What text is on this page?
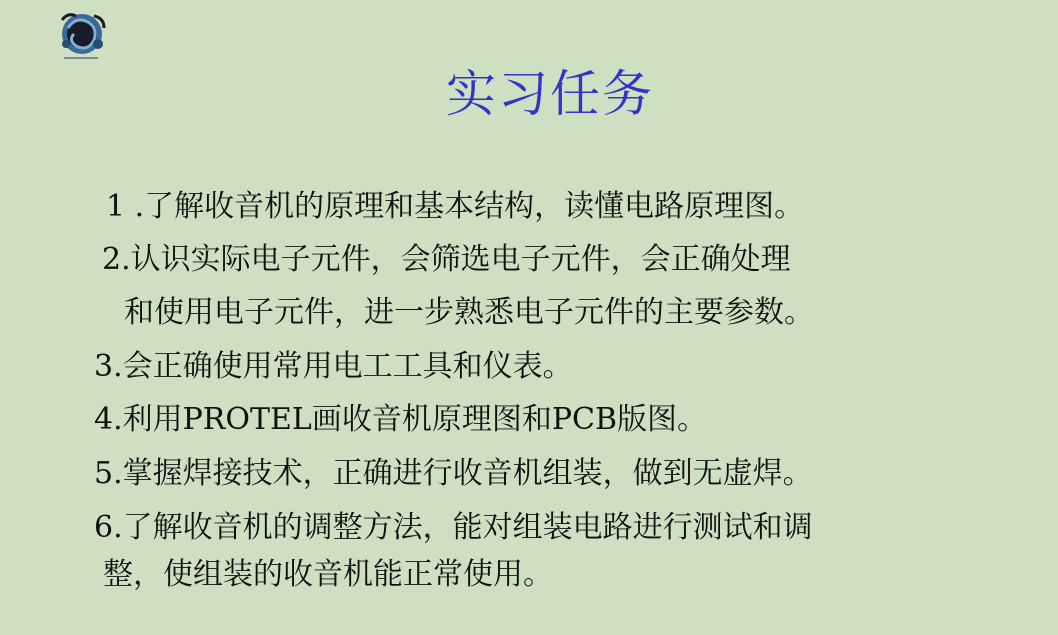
实习任务
1 .了解收音机的原理和基本结构，读懂电路原理图。
2.认识实际电子元件，会筛选电子元件，会正确处理
和使用电子元件，进一步熟悉电子元件的主要参数。
3.会正确使用常用电工工具和仪表。
4.利用PROTEL画收音机原理图和PCB版图。
5.掌握焊接技术，正确进行收音机组装，做到无虚焊。
6.了解收音机的调整方法，能对组装电路进行测试和调
整，使组装的收音机能正常使用。
